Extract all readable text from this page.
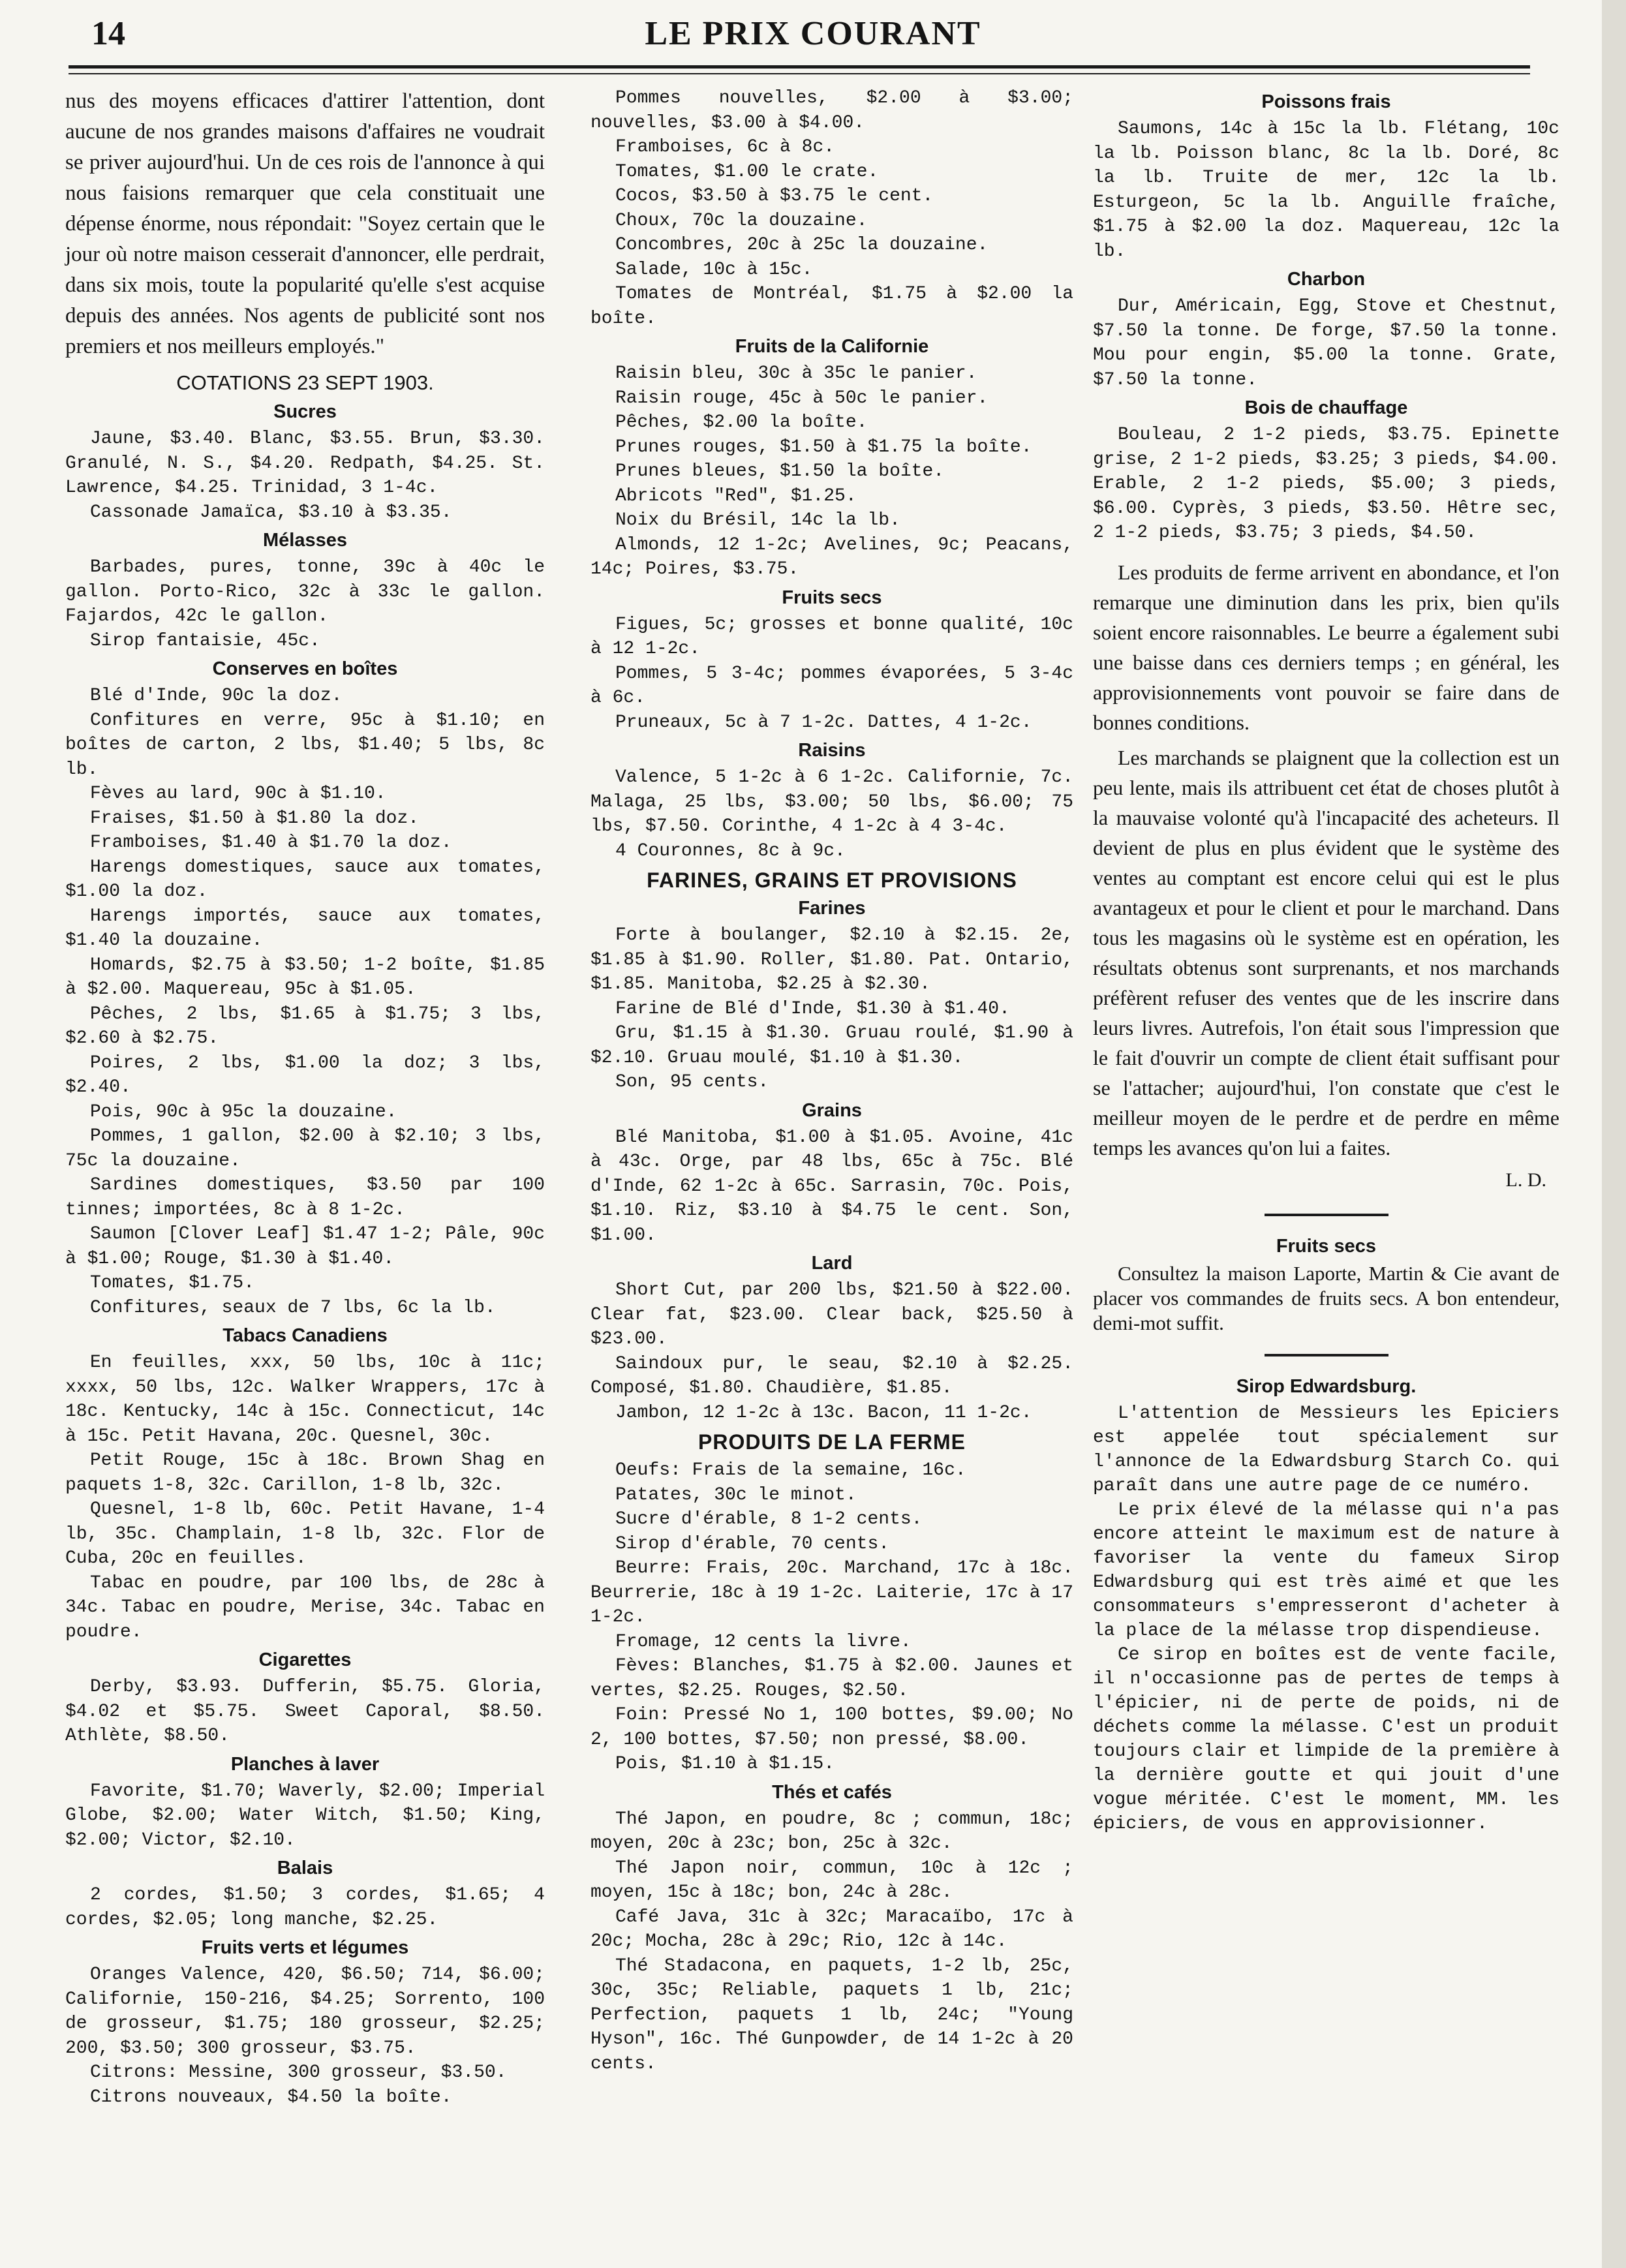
14	LE PRIX COURANT

nus des moyens efficaces d'attirer l'attention, dont aucune de nos grandes maisons d'affaires ne voudrait se priver aujourd'hui. Un de ces rois de l'annonce à qui nous faisions remarquer que cela constituait une dépense énorme, nous répondait: "Soyez certain que le jour où notre maison cesserait d'annoncer, elle perdrait, dans six mois, toute la popularité qu'elle s'est acquise depuis des années. Nos agents de publicité sont nos premiers et nos meilleurs employés."

COTATIONS 23 SEPT 1903.
Sucres

Jaune, $3.40. Blanc, $3.55. Brun, $3.30. Granulé, N. S., $4.20. Redpath, $4.25. St. Lawrence, $4.25. Trinidad, 3 1-4c.

Cassonade Jamaïca, $3.10 à $3.35.

Mélasses

Barbades, pures, tonne, 39c à 40c le gallon. Porto-Rico, 32c à 33c le gallon. Fajardos, 42c le gallon.

Sirop fantaisie, 45c.

Conserves en boîtes

Blé d'Inde, 90c la doz.

Confitures en verre, 95c à $1.10; en boîtes de carton, 2 lbs, $1.40; 5 lbs, 8c lb.

Fèves au lard, 90c à $1.10.

Fraises, $1.50 à $1.80 la doz.

Framboises, $1.40 à $1.70 la doz.

Harengs domestiques, sauce aux tomates, $1.00 la doz.

Harengs importés, sauce aux tomates, $1.40 la douzaine.

Homards, $2.75 à $3.50; 1-2 boîte, $1.85 à $2.00. Maquereau, 95c à $1.05.

Pêches, 2 lbs, $1.65 à $1.75; 3 lbs, $2.60 à $2.75.

Poires, 2 lbs, $1.00 la doz; 3 lbs, $2.40.

Pois, 90c à 95c la douzaine.

Pommes, 1 gallon, $2.00 à $2.10; 3 lbs, 75c la douzaine.

Sardines domestiques, $3.50 par 100 tinnes; importées, 8c à 8 1-2c.

Saumon [Clover Leaf] $1.47 1-2; Pâle, 90c à $1.00; Rouge, $1.30 à $1.40.

Tomates, $1.75.

Confitures, seaux de 7 lbs, 6c la lb.

Tabacs Canadiens

En feuilles, xxx, 50 lbs, 10c à 11c; xxxx, 50 lbs, 12c. Walker Wrappers, 17c à 18c. Kentucky, 14c à 15c. Connecticut, 14c à 15c. Petit Havana, 20c. Quesnel, 30c.

Petit Rouge, 15c à 18c. Brown Shag en paquets 1-8, 32c. Carillon, 1-8 lb, 32c.

Quesnel, 1-8 lb, 60c. Petit Havane, 1-4 lb, 35c. Champlain, 1-8 lb, 32c. Flor de Cuba, 20c en feuilles.

Tabac en poudre, par 100 lbs, de 28c à 34c. Tabac en poudre, Merise, 34c. Tabac en poudre.

Cigarettes

Derby, $3.93. Dufferin, $5.75. Gloria, $4.02 et $5.75. Sweet Caporal, $8.50. Athlète, $8.50.

Planches à laver

Favorite, $1.70; Waverly, $2.00; Imperial Globe, $2.00; Water Witch, $1.50; King, $2.00; Victor, $2.10.

Balais

2 cordes, $1.50; 3 cordes, $1.65; 4 cordes, $2.05; long manche, $2.25.

Fruits verts et légumes

Oranges Valence, 420, $6.50; 714, $6.00; Californie, 150-216, $4.25; Sorrento, 100 de grosseur, $1.75; 180 grosseur, $2.25; 200, $3.50; 300 grosseur, $3.75.

Citrons: Messine, 300 grosseur, $3.50.

Citrons nouveaux, $4.50 la boîte.

Pommes nouvelles, $2.00 à $3.00; nouvelles, $3.00 à $4.00.

Framboises, 6c à 8c.

Tomates, $1.00 le crate.

Cocos, $3.50 à $3.75 le cent.

Choux, 70c la douzaine.

Concombres, 20c à 25c la douzaine.

Salade, 10c à 15c.

Tomates de Montréal, $1.75 à $2.00 la boîte.

Fruits de la Californie

Raisin bleu, 30c à 35c le panier.

Raisin rouge, 45c à 50c le panier.

Pêches, $2.00 la boîte.

Prunes rouges, $1.50 à $1.75 la boîte.

Prunes bleues, $1.50 la boîte.

Abricots "Red", $1.25.

Noix du Brésil, 14c la lb.

Almonds, 12 1-2c; Avelines, 9c; Peacans, 14c; Poires, $3.75.

Fruits secs

Figues, 5c; grosses et bonne qualité, 10c à 12 1-2c.

Pommes, 5 3-4c; pommes évaporées, 5 3-4c à 6c.

Pruneaux, 5c à 7 1-2c. Dattes, 4 1-2c.

Raisins

Valence, 5 1-2c à 6 1-2c. Californie, 7c. Malaga, 25 lbs, $3.00; 50 lbs, $6.00; 75 lbs, $7.50. Corinthe, 4 1-2c à 4 3-4c.

4 Couronnes, 8c à 9c.

FARINES, GRAINS ET PROVISIONS
Farines

Forte à boulanger, $2.10 à $2.15. 2e, $1.85 à $1.90. Roller, $1.80. Pat. Ontario, $1.85. Manitoba, $2.25 à $2.30.

Farine de Blé d'Inde, $1.30 à $1.40.

Gru, $1.15 à $1.30. Gruau roulé, $1.90 à $2.10. Gruau moulé, $1.10 à $1.30.

Son, 95 cents.

Grains

Blé Manitoba, $1.00 à $1.05. Avoine, 41c à 43c. Orge, par 48 lbs, 65c à 75c. Blé d'Inde, 62 1-2c à 65c. Sarrasin, 70c. Pois, $1.10. Riz, $3.10 à $4.75 le cent. Son, $1.00.

Lard

Short Cut, par 200 lbs, $21.50 à $22.00. Clear fat, $23.00. Clear back, $25.50 à $23.00.

Saindoux pur, le seau, $2.10 à $2.25. Composé, $1.80. Chaudière, $1.85.

Jambon, 12 1-2c à 13c. Bacon, 11 1-2c.

PRODUITS DE LA FERME

Oeufs: Frais de la semaine, 16c.

Patates, 30c le minot.

Sucre d'érable, 8 1-2 cents.

Sirop d'érable, 70 cents.

Beurre: Frais, 20c. Marchand, 17c à 18c. Beurrerie, 18c à 19 1-2c. Laiterie, 17c à 17 1-2c.

Fromage, 12 cents la livre.

Fèves: Blanches, $1.75 à $2.00. Jaunes et vertes, $2.25. Rouges, $2.50.

Foin: Pressé No 1, 100 bottes, $9.00; No 2, 100 bottes, $7.50; non pressé, $8.00.

Pois, $1.10 à $1.15.

Thés et cafés

Thé Japon, en poudre, 8c ; commun, 18c; moyen, 20c à 23c; bon, 25c à 32c.

Thé Japon noir, commun, 10c à 12c ; moyen, 15c à 18c; bon, 24c à 28c.

Café Java, 31c à 32c; Maracaïbo, 17c à 20c; Mocha, 28c à 29c; Rio, 12c à 14c.

Thé Stadacona, en paquets, 1-2 lb, 25c, 30c, 35c; Reliable, paquets 1 lb, 21c; Perfection, paquets 1 lb, 24c; "Young Hyson", 16c. Thé Gunpowder, de 14 1-2c à 20 cents.

Poissons frais

Saumons, 14c à 15c la lb. Flétang, 10c la lb. Poisson blanc, 8c la lb. Doré, 8c la lb. Truite de mer, 12c la lb. Esturgeon, 5c la lb. Anguille fraîche, $1.75 à $2.00 la doz. Maquereau, 12c la lb.

Charbon

Dur, Américain, Egg, Stove et Chestnut, $7.50 la tonne. De forge, $7.50 la tonne. Mou pour engin, $5.00 la tonne. Grate, $7.50 la tonne.

Bois de chauffage

Bouleau, 2 1-2 pieds, $3.75. Epinette grise, 2 1-2 pieds, $3.25; 3 pieds, $4.00. Erable, 2 1-2 pieds, $5.00; 3 pieds, $6.00. Cyprès, 3 pieds, $3.50. Hêtre sec, 2 1-2 pieds, $3.75; 3 pieds, $4.50.

Les produits de ferme arrivent en abondance, et l'on remarque une diminution dans les prix, bien qu'ils soient encore raisonnables. Le beurre a également subi une baisse dans ces derniers temps ; en général, les approvisionnements vont pouvoir se faire dans de bonnes conditions.

Les marchands se plaignent que la collection est un peu lente, mais ils attribuent cet état de choses plutôt à la mauvaise volonté qu'à l'incapacité des acheteurs. Il devient de plus en plus évident que le système des ventes au comptant est encore celui qui est le plus avantageux et pour le client et pour le marchand. Dans tous les magasins où le système est en opération, les résultats obtenus sont surprenants, et nos marchands préfèrent refuser des ventes que de les inscrire dans leurs livres. Autrefois, l'on était sous l'impression que le fait d'ouvrir un compte de client était suffisant pour se l'attacher; aujourd'hui, l'on constate que c'est le meilleur moyen de le perdre et de perdre en même temps les avances qu'on lui a faites.

L. D.

Fruits secs

Consultez la maison Laporte, Martin & Cie avant de placer vos commandes de fruits secs. A bon entendeur, demi-mot suffit.

Sirop Edwardsburg.

L'attention de Messieurs les Epiciers est appelée tout spécialement sur l'annonce de la Edwardsburg Starch Co. qui paraît dans une autre page de ce numéro.

Le prix élevé de la mélasse qui n'a pas encore atteint le maximum est de nature à favoriser la vente du fameux Sirop Edwardsburg qui est très aimé et que les consommateurs s'empresseront d'acheter à la place de la mélasse trop dispendieuse.

Ce sirop en boîtes est de vente facile, il n'occasionne pas de pertes de temps à l'épicier, ni de perte de poids, ni de déchets comme la mélasse. C'est un produit toujours clair et limpide de la première à la dernière goutte et qui jouit d'une vogue méritée. C'est le moment, MM. les épiciers, de vous en approvisionner.
